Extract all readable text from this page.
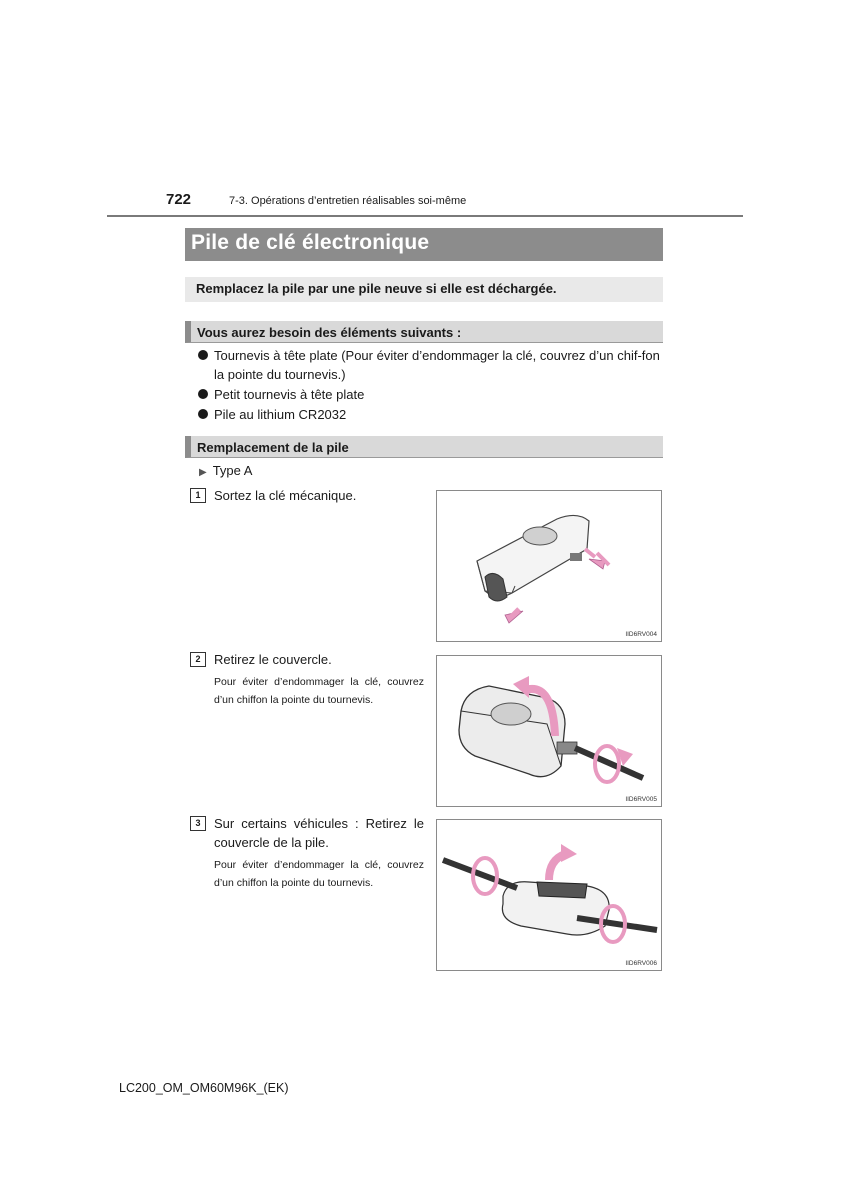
722	7-3. Opérations d’entretien réalisables soi-même
Pile de clé électronique
Remplacez la pile par une pile neuve si elle est déchargée.
Vous aurez besoin des éléments suivants :
Tournevis à tête plate (Pour éviter d’endommager la clé, couvrez d’un chif-fon la pointe du tournevis.)
Petit tournevis à tête plate
Pile au lithium CR2032
Remplacement de la pile
▶ Type A
1	Sortez la clé mécanique.
IID6RV004
2	Retirez le couvercle.
Pour éviter d’endommager la clé, couvrez d’un chiffon la pointe du tournevis.
IID6RV005
3	Sur certains véhicules : Retirez le couvercle de la pile.
Pour éviter d’endommager la clé, couvrez d’un chiffon la pointe du tournevis.
IID6RV006
LC200_OM_OM60M96K_(EK)
